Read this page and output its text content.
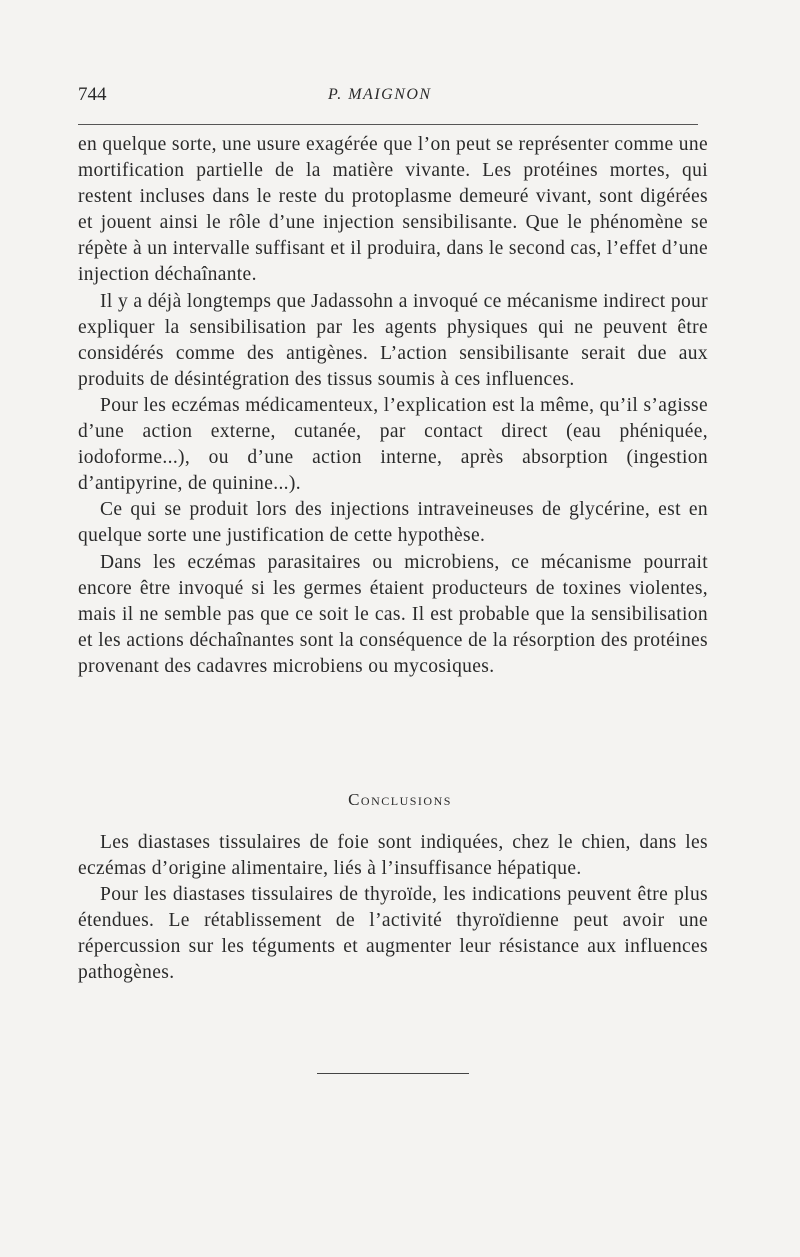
744	P. MAIGNON

en quelque sorte, une usure exagérée que l’on peut se représenter comme une mortification partielle de la matière vivante. Les protéines mortes, qui restent incluses dans le reste du protoplasme demeuré vivant, sont digérées et jouent ainsi le rôle d’une injection sensibilisante. Que le phénomène se répète à un intervalle suffisant et il produira, dans le second cas, l’effet d’une injection déchaînante.

Il y a déjà longtemps que Jadassohn a invoqué ce mécanisme indirect pour expliquer la sensibilisation par les agents physiques qui ne peuvent être considérés comme des antigènes. L’action sensibilisante serait due aux produits de désintégration des tissus soumis à ces influences.

Pour les eczémas médicamenteux, l’explication est la même, qu’il s’agisse d’une action externe, cutanée, par contact direct (eau phéniquée, iodoforme...), ou d’une action interne, après absorption (ingestion d’antipyrine, de quinine...).

Ce qui se produit lors des injections intraveineuses de glycérine, est en quelque sorte une justification de cette hypothèse.

Dans les eczémas parasitaires ou microbiens, ce mécanisme pourrait encore être invoqué si les germes étaient producteurs de toxines violentes, mais il ne semble pas que ce soit le cas. Il est probable que la sensibilisation et les actions déchaînantes sont la conséquence de la résorption des protéines provenant des cadavres microbiens ou mycosiques.

Conclusions

Les diastases tissulaires de foie sont indiquées, chez le chien, dans les eczémas d’origine alimentaire, liés à l’insuffisance hépatique.

Pour les diastases tissulaires de thyroïde, les indications peuvent être plus étendues. Le rétablissement de l’activité thyroïdienne peut avoir une répercussion sur les téguments et augmenter leur résistance aux influences pathogènes.
